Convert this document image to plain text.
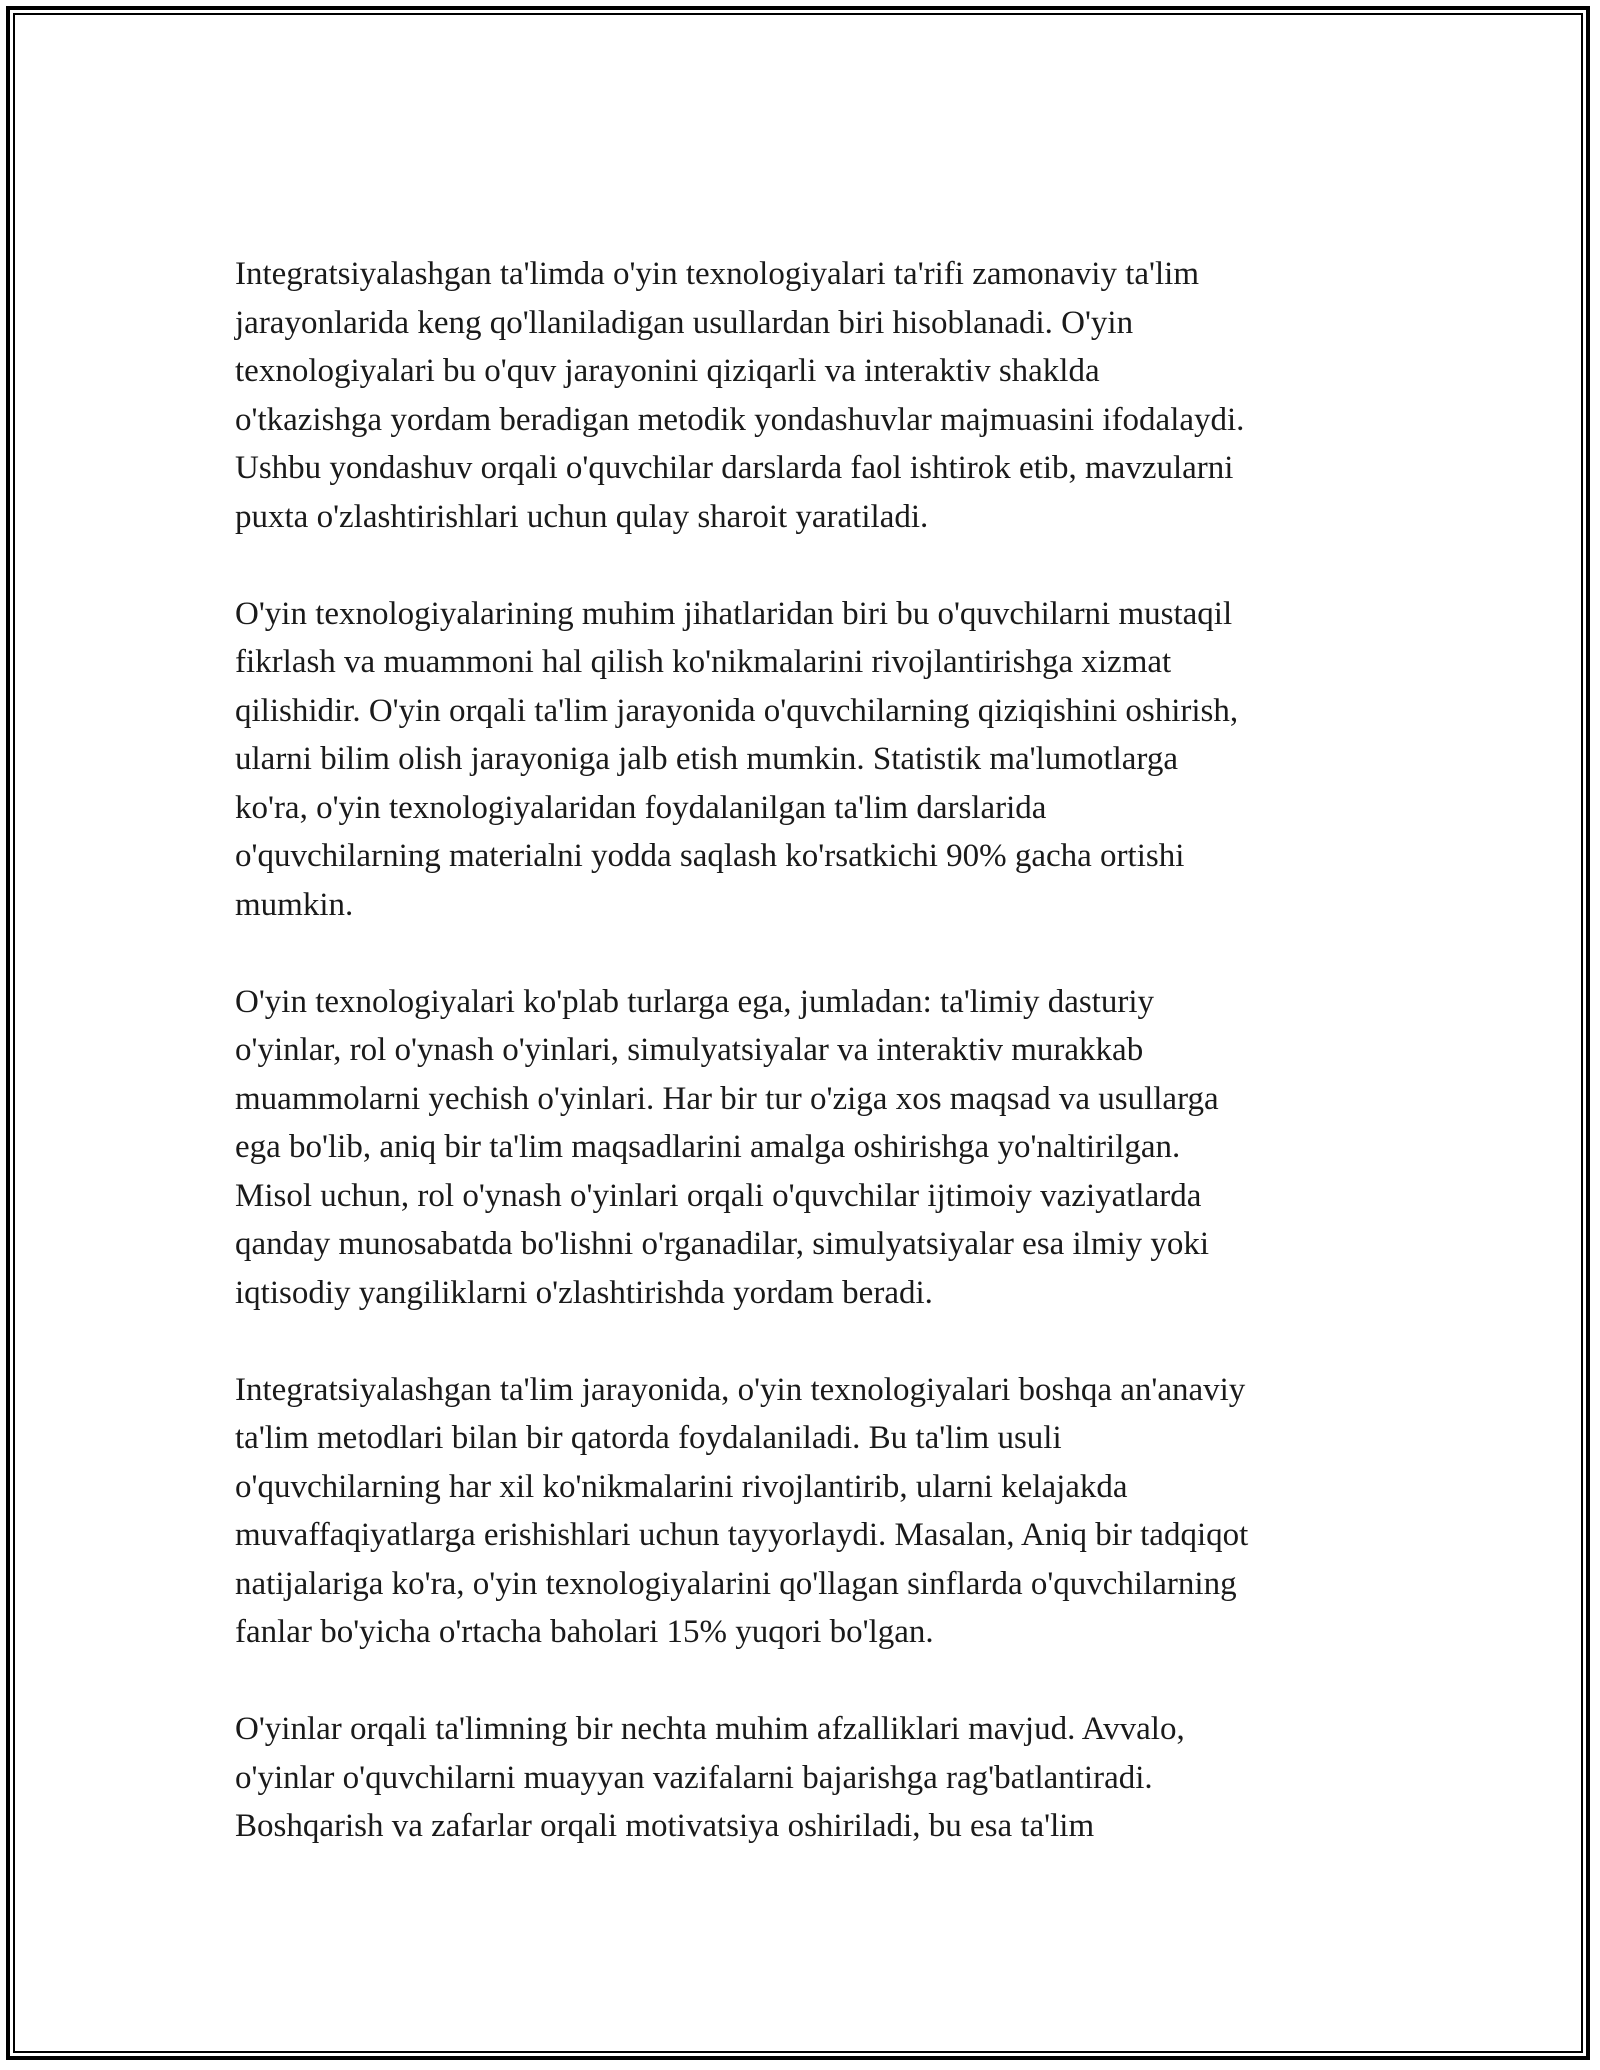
Integratsiyalashgan ta'limda o'yin texnologiyalari ta'rifi zamonaviy ta'lim
jarayonlarida keng qo'llaniladigan usullardan biri hisoblanadi. O'yin
texnologiyalari bu o'quv jarayonini qiziqarli va interaktiv shaklda
o'tkazishga yordam beradigan metodik yondashuvlar majmuasini ifodalaydi.
Ushbu yondashuv orqali o'quvchilar darslarda faol ishtirok etib, mavzularni
puxta o'zlashtirishlari uchun qulay sharoit yaratiladi.

O'yin texnologiyalarining muhim jihatlaridan biri bu o'quvchilarni mustaqil
fikrlash va muammoni hal qilish ko'nikmalarini rivojlantirishga xizmat
qilishidir. O'yin orqali ta'lim jarayonida o'quvchilarning qiziqishini oshirish,
ularni bilim olish jarayoniga jalb etish mumkin. Statistik ma'lumotlarga
ko'ra, o'yin texnologiyalaridan foydalanilgan ta'lim darslarida
o'quvchilarning materialni yodda saqlash ko'rsatkichi 90% gacha ortishi
mumkin.

O'yin texnologiyalari ko'plab turlarga ega, jumladan: ta'limiy dasturiy
o'yinlar, rol o'ynash o'yinlari, simulyatsiyalar va interaktiv murakkab
muammolarni yechish o'yinlari. Har bir tur o'ziga xos maqsad va usullarga
ega bo'lib, aniq bir ta'lim maqsadlarini amalga oshirishga yo'naltirilgan.
Misol uchun, rol o'ynash o'yinlari orqali o'quvchilar ijtimoiy vaziyatlarda
qanday munosabatda bo'lishni o'rganadilar, simulyatsiyalar esa ilmiy yoki
iqtisodiy yangiliklarni o'zlashtirishda yordam beradi.

Integratsiyalashgan ta'lim jarayonida, o'yin texnologiyalari boshqa an'anaviy
ta'lim metodlari bilan bir qatorda foydalaniladi. Bu ta'lim usuli
o'quvchilarning har xil ko'nikmalarini rivojlantirib, ularni kelajakda
muvaffaqiyatlarga erishishlari uchun tayyorlaydi. Masalan, Aniq bir tadqiqot
natijalariga ko'ra, o'yin texnologiyalarini qo'llagan sinflarda o'quvchilarning
fanlar bo'yicha o'rtacha baholari 15% yuqori bo'lgan.

O'yinlar orqali ta'limning bir nechta muhim afzalliklari mavjud. Avvalo,
o'yinlar o'quvchilarni muayyan vazifalarni bajarishga rag'batlantiradi.
Boshqarish va zafarlar orqali motivatsiya oshiriladi, bu esa ta'lim
